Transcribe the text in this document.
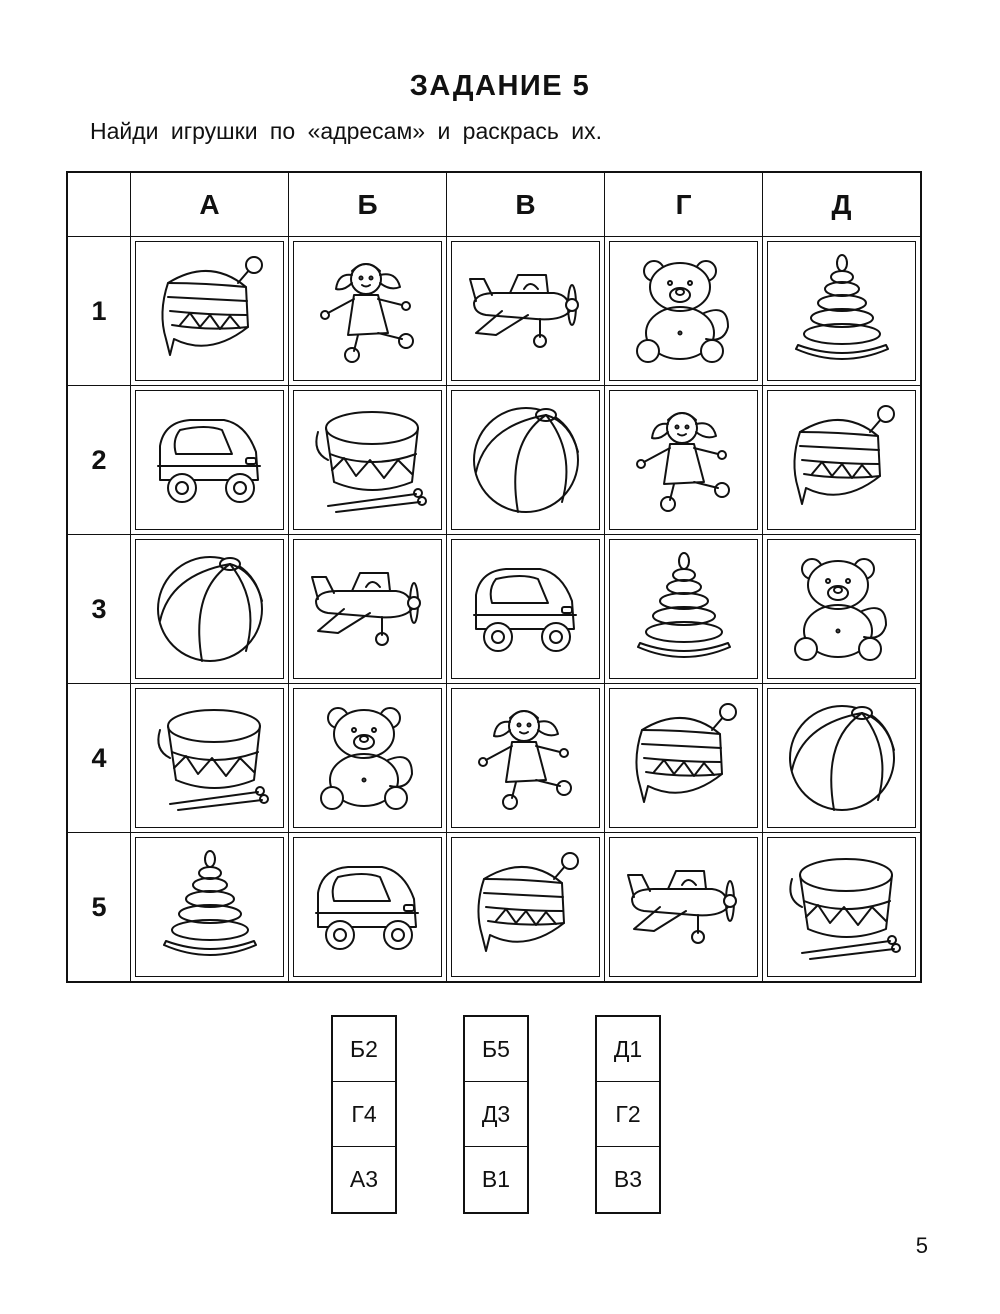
ЗАДАНИЕ 5
Найди игрушки по «адресам» и раскрась их.
	А	Б	В	Г	Д
1	

2	

3	

4	

5	

Б2
Г4
А3
Б5
Д3
В1
Д1
Г2
В3
5
